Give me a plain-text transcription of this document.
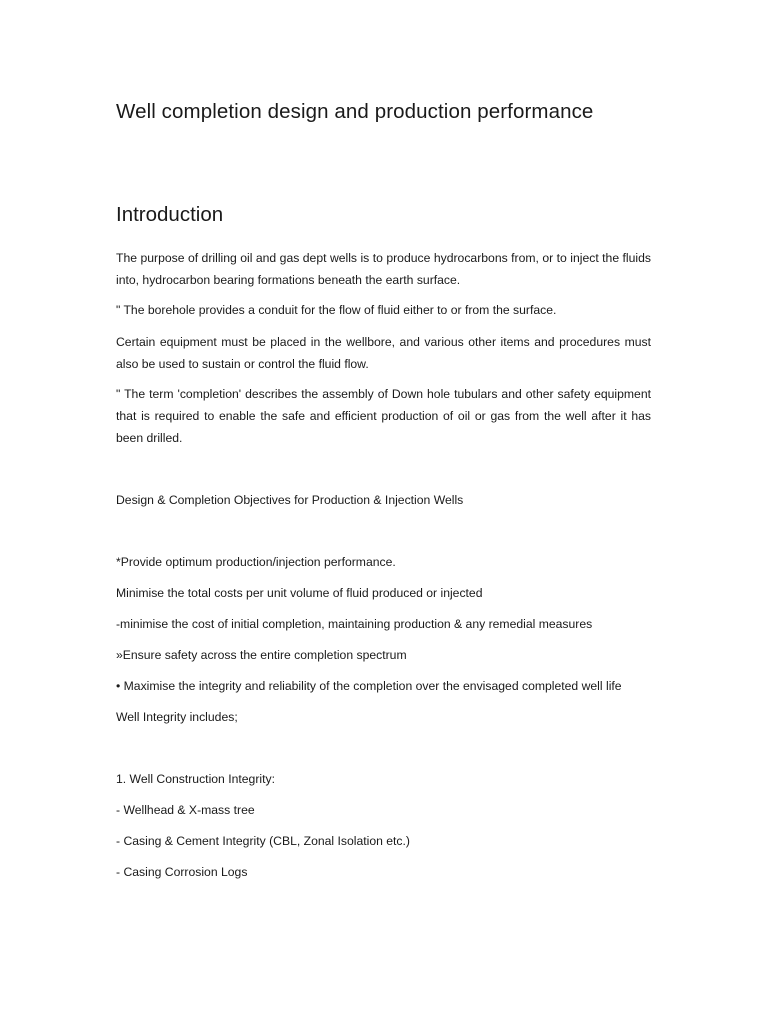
Well completion design and production performance
Introduction

The purpose of drilling oil and gas dept wells is to produce hydrocarbons from, or to inject the fluids into, hydrocarbon bearing formations beneath the earth surface.

" The borehole provides a conduit for the flow of fluid either to or from the surface.

Certain equipment must be placed in the wellbore, and various other items and procedures must also be used to sustain or control the fluid flow.

" The term 'completion' describes the assembly of Down hole tubulars and other safety equipment that is required to enable the safe and efficient production of oil or gas from the well after it has been drilled.

Design & Completion Objectives for Production & Injection Wells

*Provide optimum production/injection performance.

Minimise the total costs per unit volume of fluid produced or injected

-minimise the cost of initial completion, maintaining production & any remedial measures

»Ensure safety across the entire completion spectrum

• Maximise the integrity and reliability of the completion over the envisaged completed well life

Well Integrity includes;

1. Well Construction Integrity:

- Wellhead & X-mass tree

- Casing & Cement Integrity (CBL, Zonal Isolation etc.)

- Casing Corrosion Logs
